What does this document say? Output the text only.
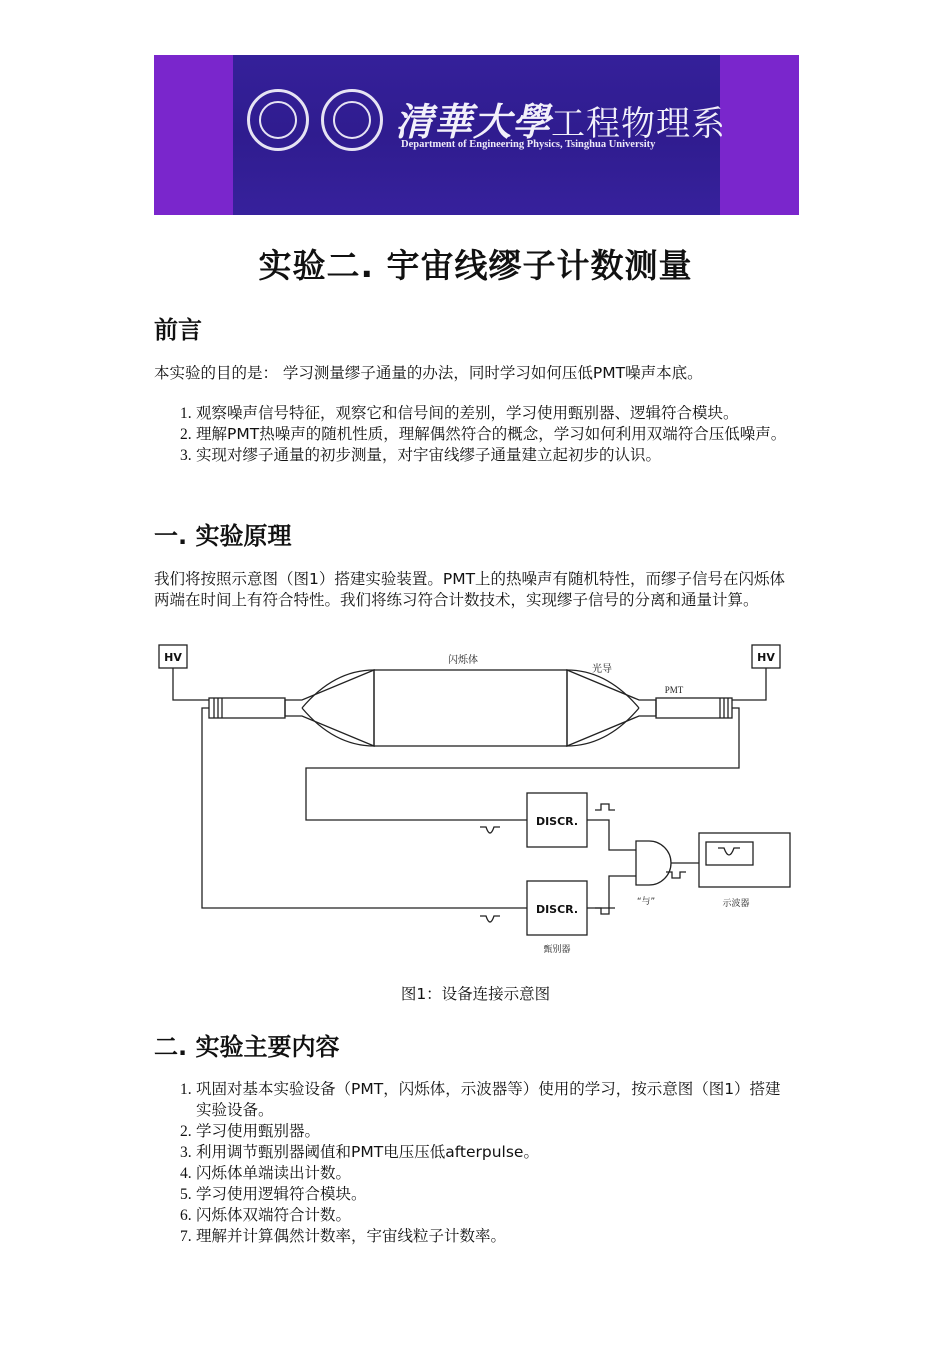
清華大學工程物理系
Department of Engineering Physics, Tsinghua University
实验二. 宇宙线缪子计数测量
前言

本实验的目的是： 学习测量缪子通量的办法，同时学习如何压低PMT噪声本底。

1. 观察噪声信号特征，观察它和信号间的差别，学习使用甄别器、逻辑符合模块。
2. 理解PMT热噪声的随机性质，理解偶然符合的概念，学习如何利用双端符合压低噪声。
3. 实现对缪子通量的初步测量，对宇宙线缪子通量建立起初步的认识。
一. 实验原理

我们将按照示意图（图1）搭建实验装置。PMT上的热噪声有随机特性，而缪子信号在闪烁体两端在时间上有符合特性。我们将练习符合计数技术，实现缪子信号的分离和通量计算。

HV	HV
闪烁体
光导
PMT
DISCR.
DISCR.
“与”	示波器
甄别器
图1：设备连接示意图
二. 实验主要内容
1. 巩固对基本实验设备（PMT，闪烁体，示波器等）使用的学习，按示意图（图1）搭建实验设备。
2. 学习使用甄别器。
3. 利用调节甄别器阈值和PMT电压压低afterpulse。
4. 闪烁体单端读出计数。
5. 学习使用逻辑符合模块。
6. 闪烁体双端符合计数。
7. 理解并计算偶然计数率，宇宙线粒子计数率。
